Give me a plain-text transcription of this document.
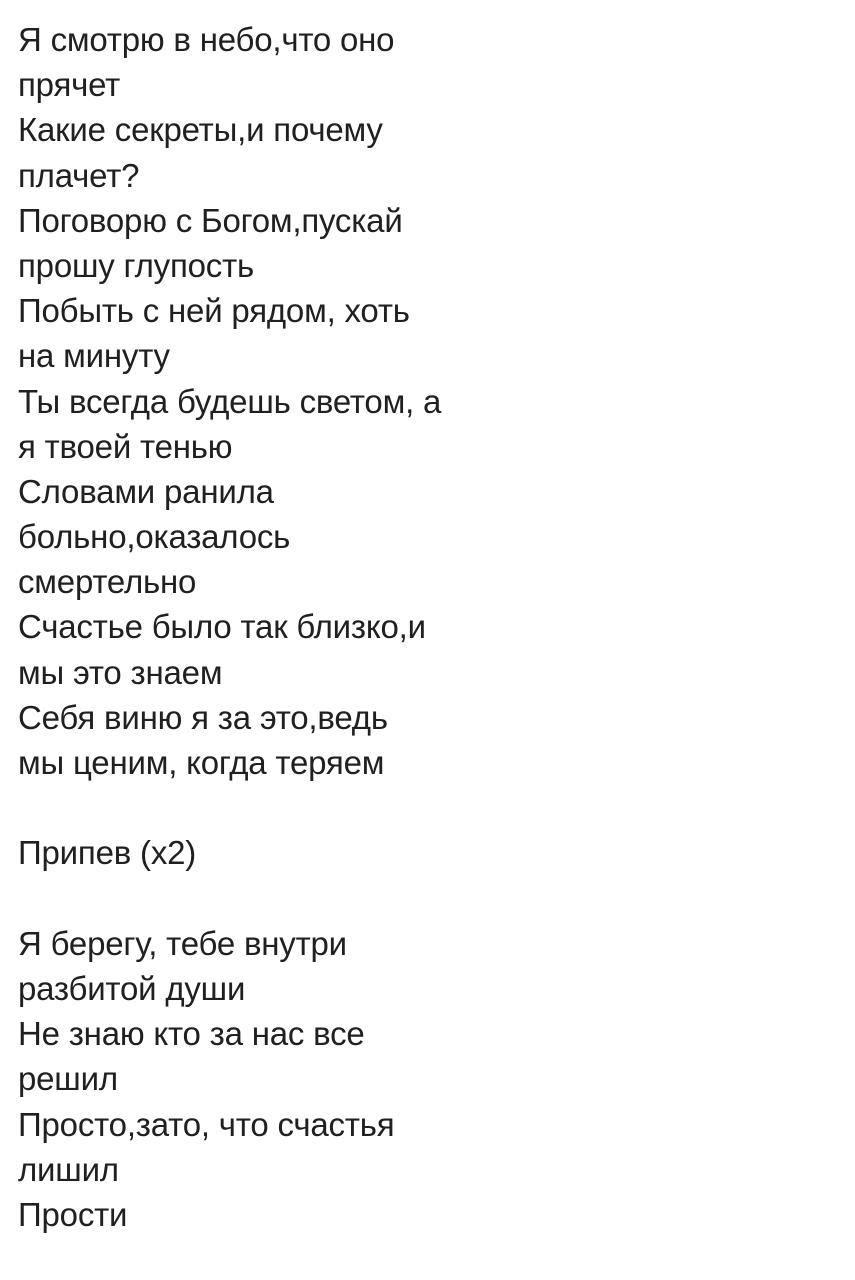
Я смотрю в небо,что оно
прячет
Какие секреты,и почему
плачет?
Поговорю с Богом,пускай
прошу глупость
Побыть с ней рядом, хоть
на минуту
Ты всегда будешь светом, а
я твоей тенью
Словами ранила
больно,оказалось
смертельно
Счастье было так близко,и
мы это знаем
Себя виню я за это,ведь
мы ценим, когда теряем
Припев (х2)
Я берегу, тебе внутри
разбитой души
Не знаю кто за нас все
решил
Просто,зато, что счастья
лишил
Прости
